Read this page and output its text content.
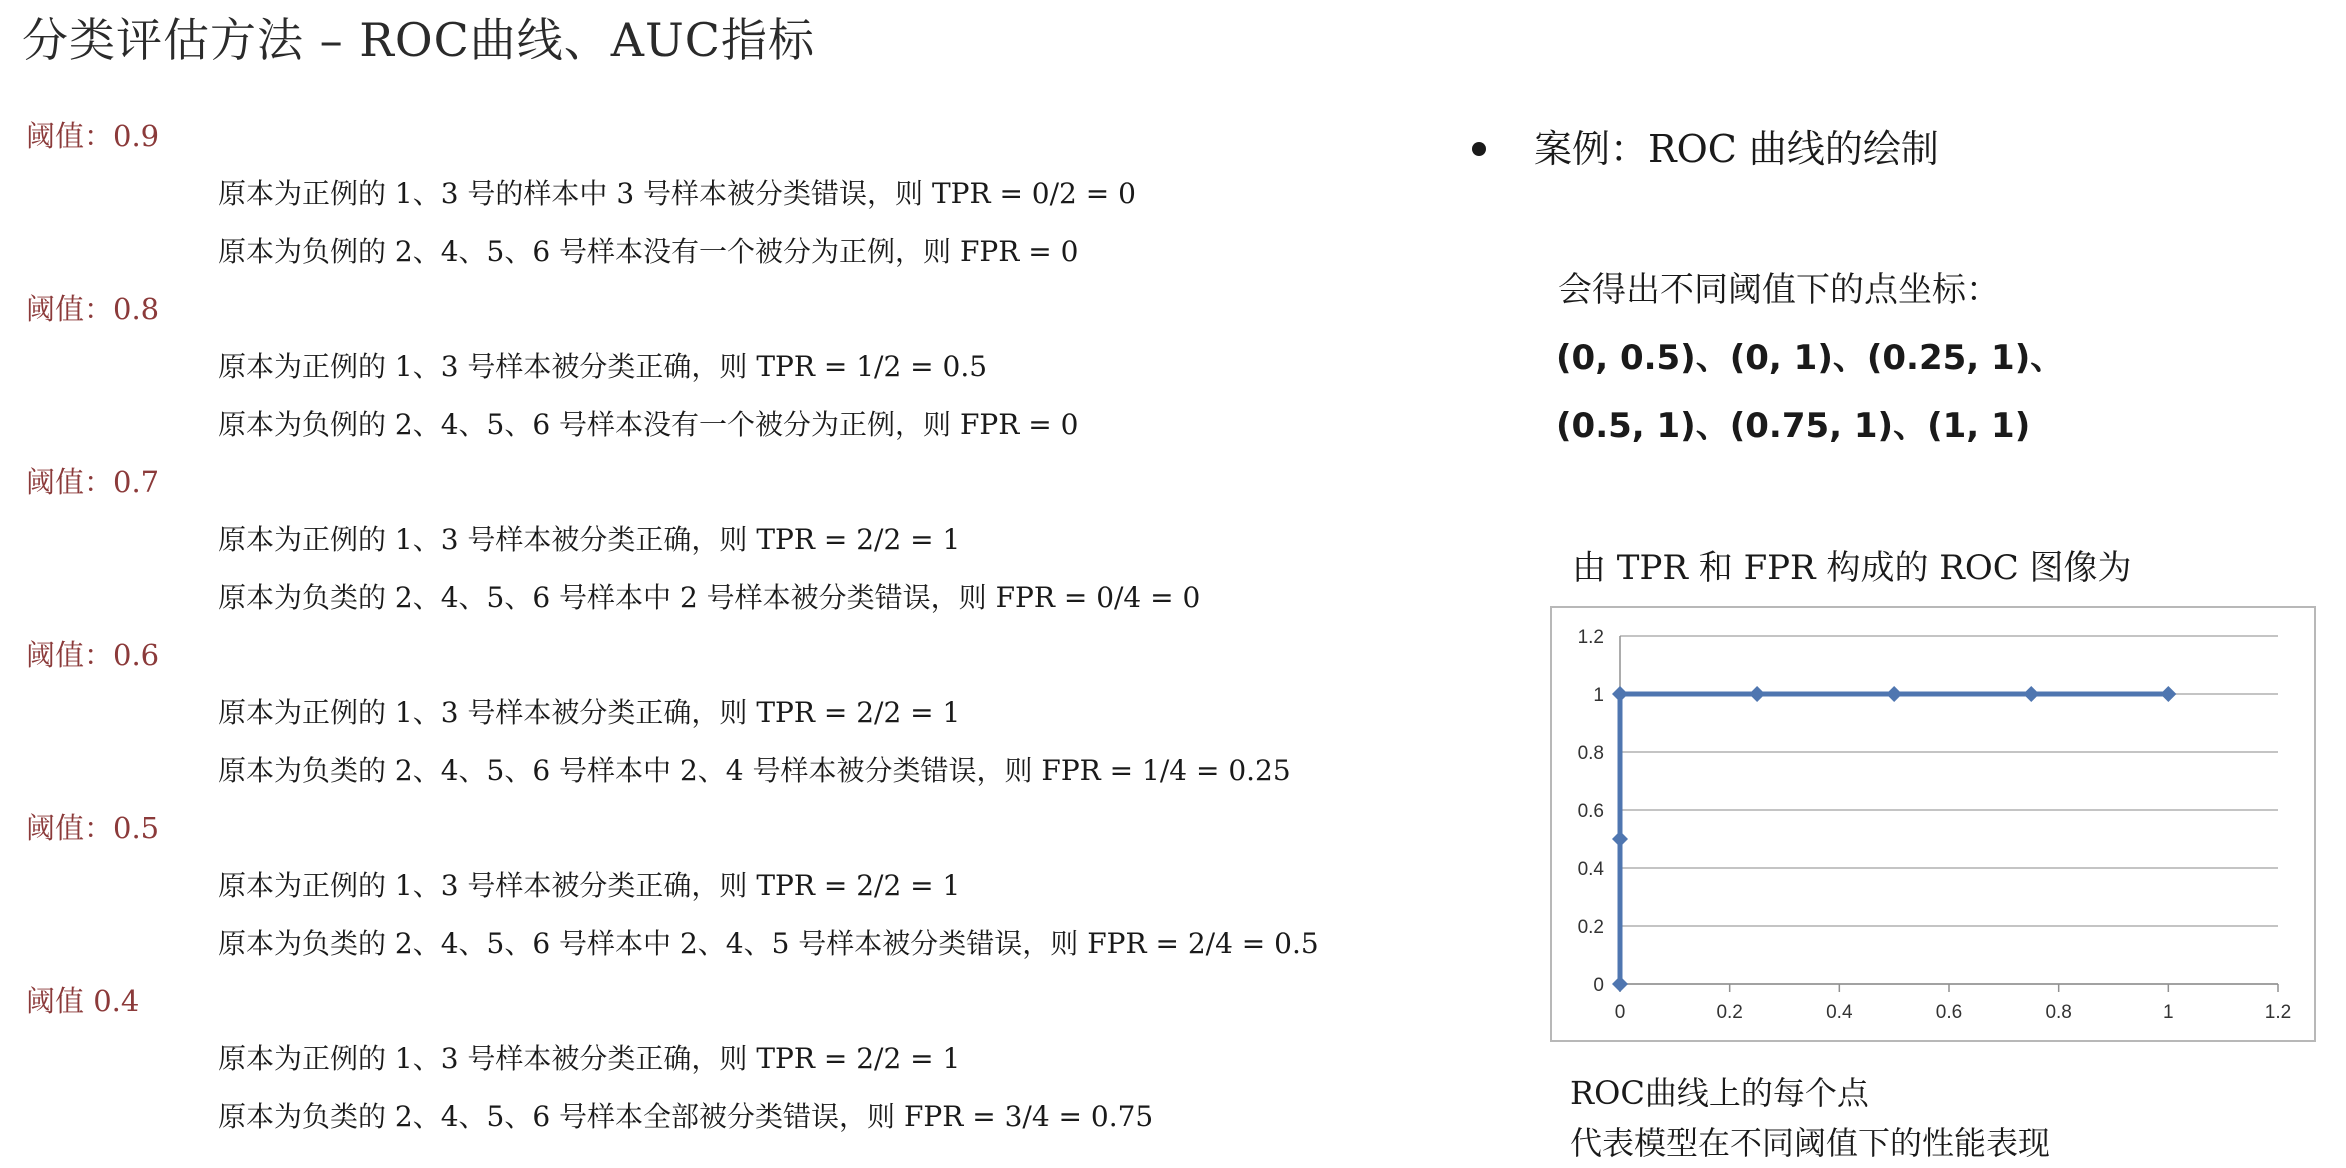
分类评估方法 – ROC曲线、AUC指标
阈值：0.9
原本为正例的 1、3 号的样本中 3 号样本被分类错误，则 TPR = 0/2 = 0
原本为负例的 2、4、5、6 号样本没有一个被分为正例，则 FPR = 0
阈值：0.8
原本为正例的 1、3 号样本被分类正确，则 TPR = 1/2 = 0.5
原本为负例的 2、4、5、6 号样本没有一个被分为正例，则 FPR = 0
阈值：0.7
原本为正例的 1、3 号样本被分类正确，则 TPR = 2/2 = 1
原本为负类的 2、4、5、6 号样本中 2 号样本被分类错误，则 FPR = 0/4 = 0
阈值：0.6
原本为正例的 1、3 号样本被分类正确，则 TPR = 2/2 = 1
原本为负类的 2、4、5、6 号样本中 2、4 号样本被分类错误，则 FPR = 1/4 = 0.25
阈值：0.5
原本为正例的 1、3 号样本被分类正确，则 TPR = 2/2 = 1
原本为负类的 2、4、5、6 号样本中 2、4、5 号样本被分类错误，则 FPR = 2/4 = 0.5
阈值 0.4
原本为正例的 1、3 号样本被分类正确，则 TPR = 2/2 = 1
原本为负类的 2、4、5、6 号样本全部被分类错误，则 FPR = 3/4 = 0.75
案例：ROC 曲线的绘制
会得出不同阈值下的点坐标：
(0, 0.5)、(0, 1)、(0.25, 1)、
(0.5, 1)、(0.75, 1)、(1, 1)
由 TPR 和 FPR 构成的 ROC 图像为
0
0.2
0.4
0.6
0.8
1
1.2
0	0.2	0.4	0.6	0.8	1	1.2
ROC曲线上的每个点
代表模型在不同阈值下的性能表现
